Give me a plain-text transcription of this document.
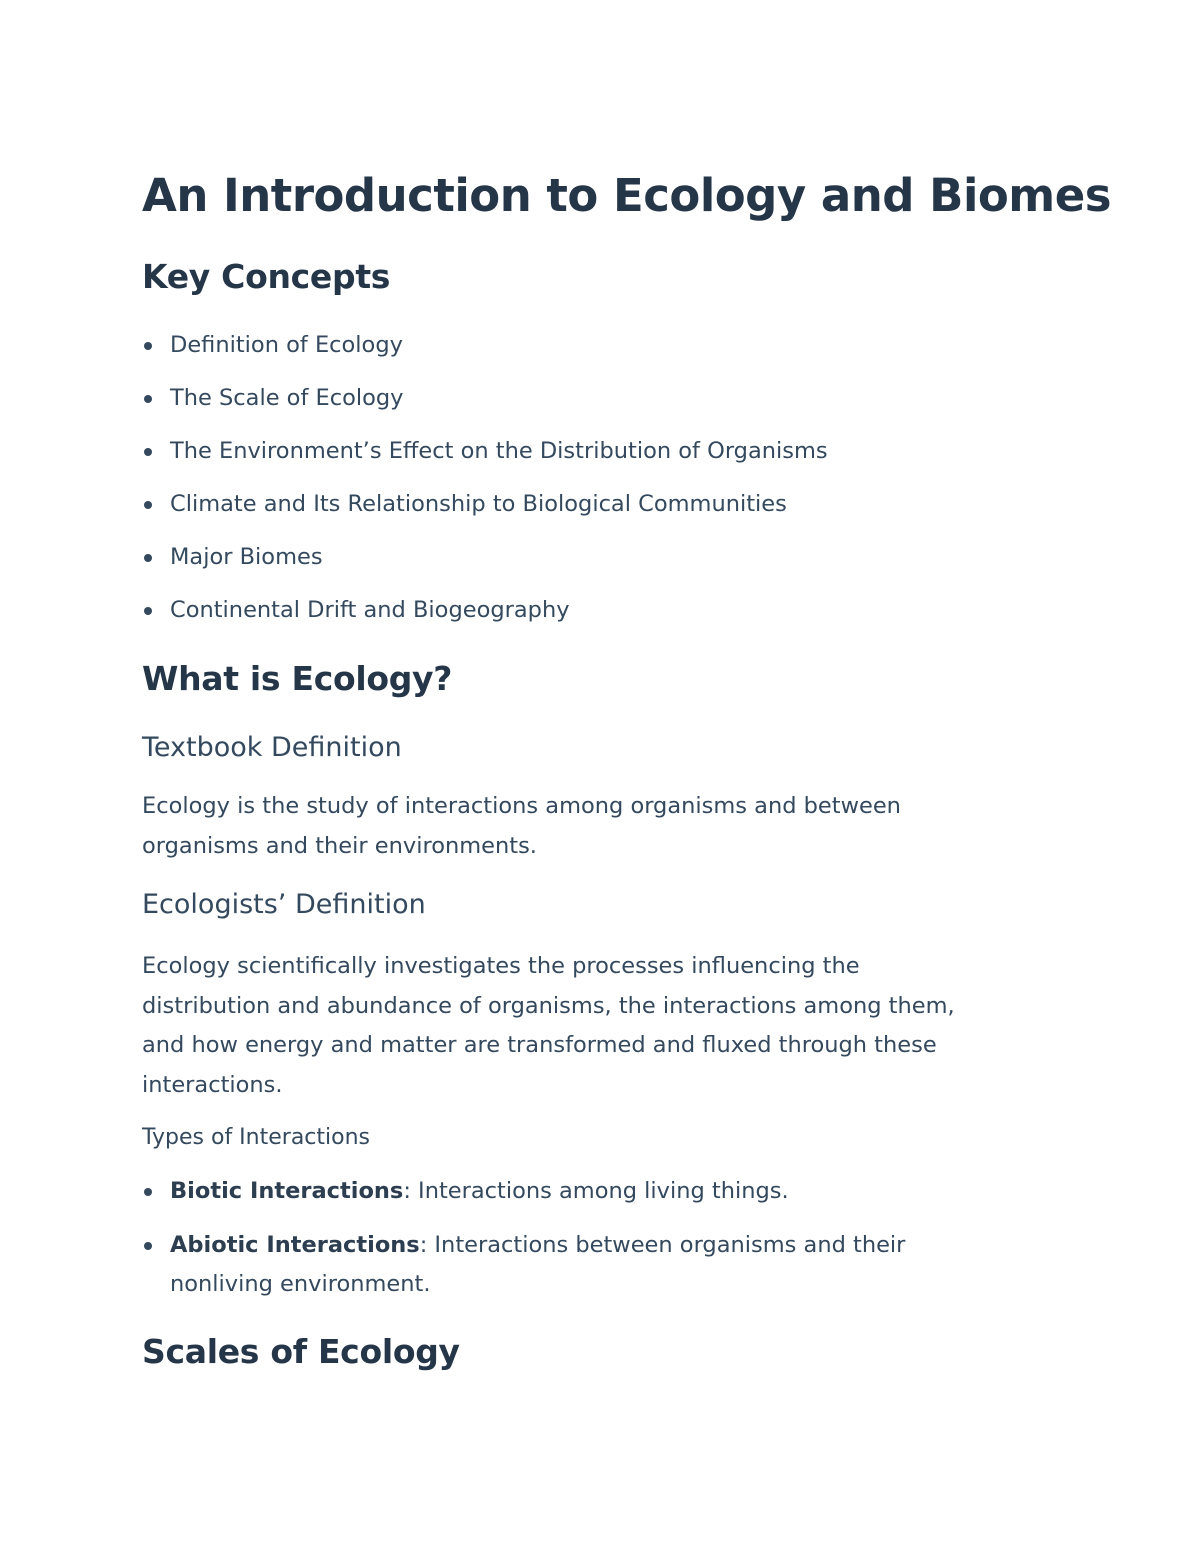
An Introduction to Ecology and Biomes
Key Concepts
Definition of Ecology
The Scale of Ecology
The Environment’s Effect on the Distribution of Organisms
Climate and Its Relationship to Biological Communities
Major Biomes
Continental Drift and Biogeography
What is Ecology?
Textbook Definition
Ecology is the study of interactions among organisms and between
organisms and their environments.
Ecologists’ Definition
Ecology scientifically investigates the processes influencing the
distribution and abundance of organisms, the interactions among them,
and how energy and matter are transformed and fluxed through these
interactions.
Types of Interactions
Biotic Interactions: Interactions among living things.
Abiotic Interactions: Interactions between organisms and their
nonliving environment.
Scales of Ecology
